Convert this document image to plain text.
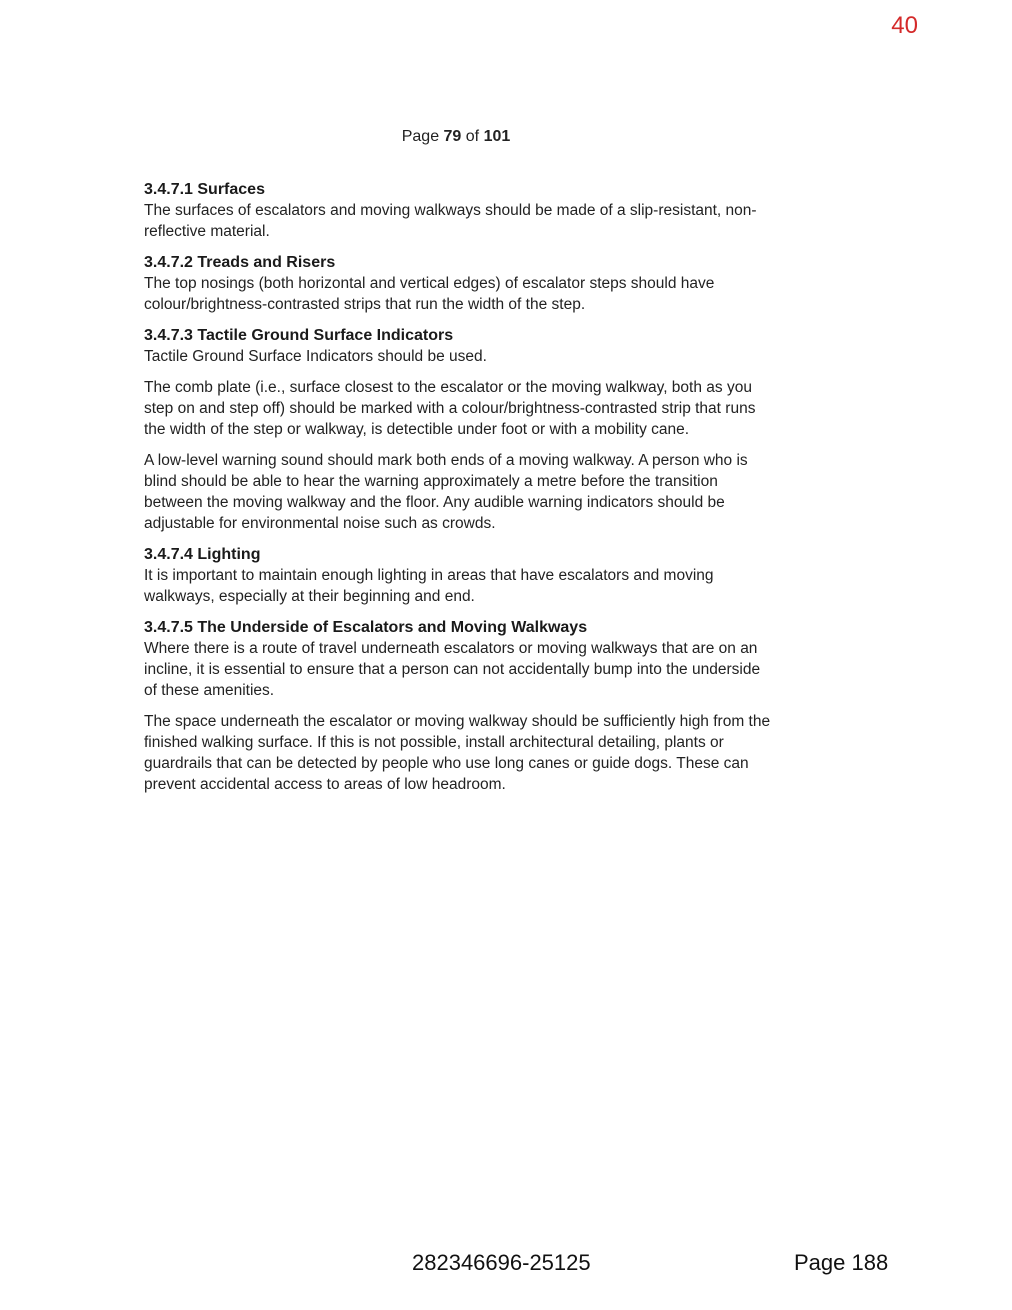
40
Page 79 of 101
3.4.7.1 Surfaces
The surfaces of escalators and moving walkways should be made of a slip-resistant, non-reflective material.
3.4.7.2 Treads and Risers
The top nosings (both horizontal and vertical edges) of escalator steps should have colour/brightness-contrasted strips that run the width of the step.
3.4.7.3 Tactile Ground Surface Indicators
Tactile Ground Surface Indicators should be used.
The comb plate (i.e., surface closest to the escalator or the moving walkway, both as you step on and step off) should be marked with a colour/brightness-contrasted strip that runs the width of the step or walkway, is detectible under foot or with a mobility cane.
A low-level warning sound should mark both ends of a moving walkway. A person who is blind should be able to hear the warning approximately a metre before the transition between the moving walkway and the floor. Any audible warning indicators should be adjustable for environmental noise such as crowds.
3.4.7.4 Lighting
It is important to maintain enough lighting in areas that have escalators and moving walkways, especially at their beginning and end.
3.4.7.5 The Underside of Escalators and Moving Walkways
Where there is a route of travel underneath escalators or moving walkways that are on an incline, it is essential to ensure that a person can not accidentally bump into the underside of these amenities.
The space underneath the escalator or moving walkway should be sufficiently high from the finished walking surface. If this is not possible, install architectural detailing, plants or guardrails that can be detected by people who use long canes or guide dogs. These can prevent accidental access to areas of low headroom.
282346696-25125	Page 188
